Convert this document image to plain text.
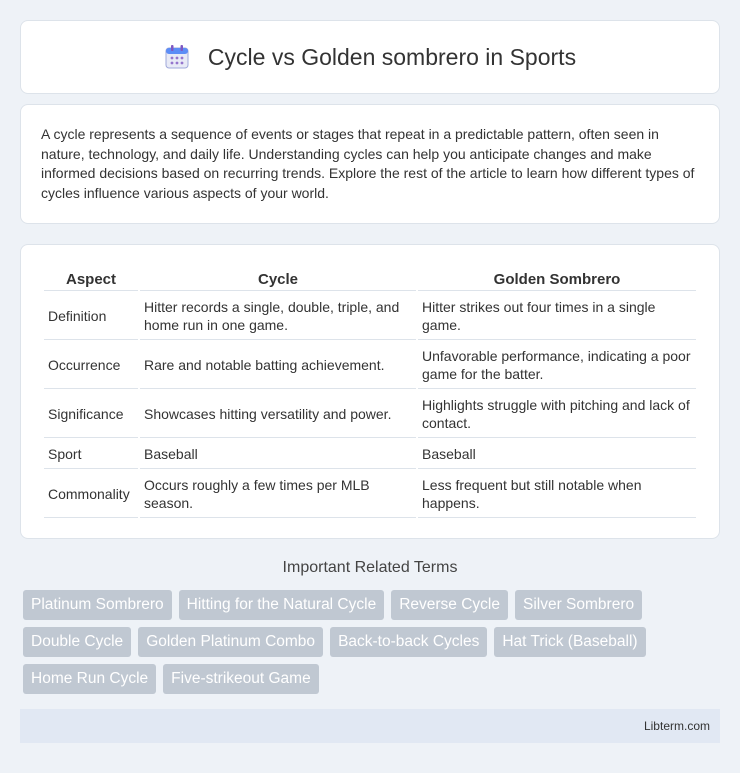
Cycle vs Golden sombrero in Sports

A cycle represents a sequence of events or stages that repeat in a predictable pattern, often seen in nature, technology, and daily life. Understanding cycles can help you anticipate changes and make informed decisions based on recurring trends. Explore the rest of the article to learn how different types of cycles influence various aspects of your world.

Aspect	Cycle	Golden Sombrero
Definition	Hitter records a single, double, triple, and home run in one game.	Hitter strikes out four times in a single game.
Occurrence	Rare and notable batting achievement.	Unfavorable performance, indicating a poor game for the batter.
Significance	Showcases hitting versatility and power.	Highlights struggle with pitching and lack of contact.
Sport	Baseball	Baseball
Commonality	Occurs roughly a few times per MLB season.	Less frequent but still notable when happens.
Important Related Terms
Platinum Sombrero	Hitting for the Natural Cycle	Reverse Cycle	Silver Sombrero
Double Cycle	Golden Platinum Combo	Back-to-back Cycles	Hat Trick (Baseball)
Home Run Cycle	Five-strikeout Game
Libterm.com
